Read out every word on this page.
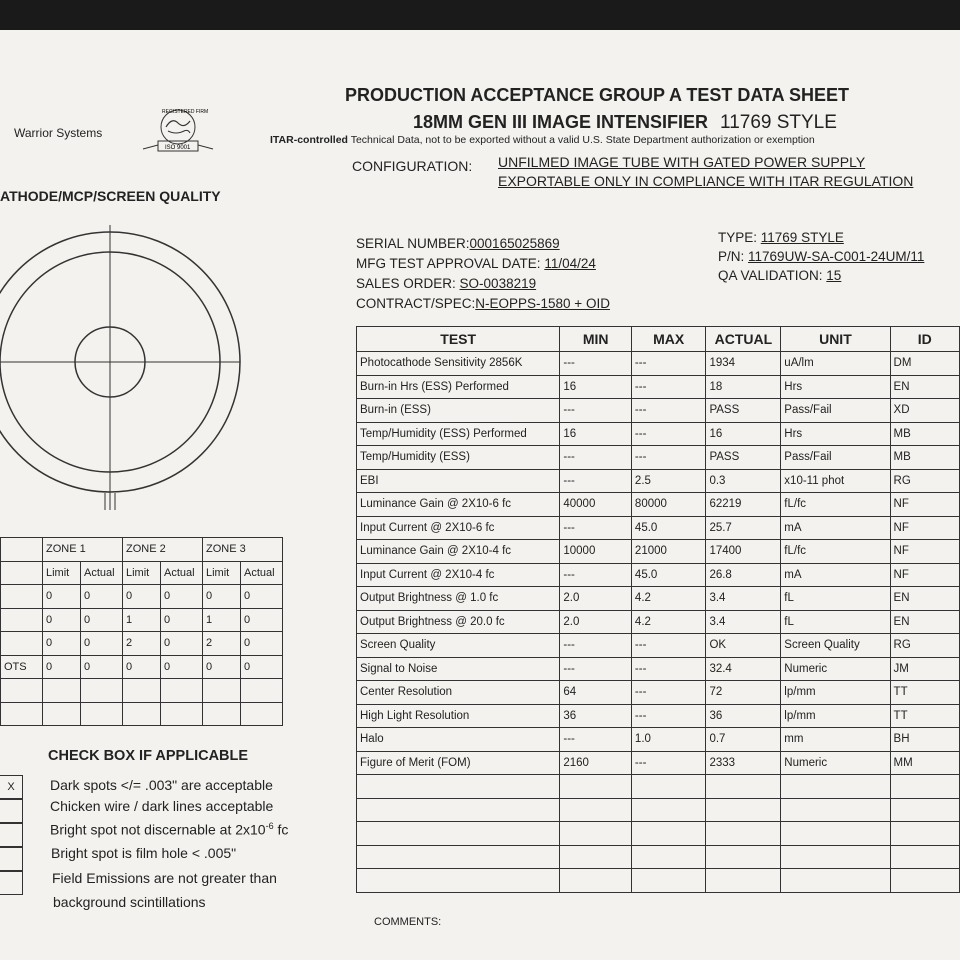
Warrior Systems
ISO 9001
REGISTERED FIRM
PRODUCTION ACCEPTANCE GROUP A TEST DATA SHEET
18MM GEN III IMAGE INTENSIFIER 11769 STYLE
ITAR-controlled Technical Data, not to be exported without a valid U.S. State Department authorization or exemption
CONFIGURATION: UNFILMED IMAGE TUBE WITH GATED POWER SUPPLY
EXPORTABLE ONLY IN COMPLIANCE WITH ITAR REGULATION
ATHODE/MCP/SCREEN QUALITY
SERIAL NUMBER:000165025869
MFG TEST APPROVAL DATE: 11/04/24
SALES ORDER: SO-0038219
CONTRACT/SPEC:N-EOPPS-1580 + OID
TYPE: 11769 STYLE
P/N: 11769UW-SA-C001-24UM/11
QA VALIDATION: 15
TEST	MIN	MAX	ACTUAL	UNIT	ID
Photocathode Sensitivity 2856K	---	---	1934	uA/lm	DM
Burn-in Hrs (ESS) Performed	16	---	18	Hrs	EN
Burn-in (ESS)	---	---	PASS	Pass/Fail	XD
Temp/Humidity (ESS) Performed	16	---	16	Hrs	MB
Temp/Humidity (ESS)	---	---	PASS	Pass/Fail	MB
EBI	---	2.5	0.3	x10-11 phot	RG
Luminance Gain @ 2X10-6 fc	40000	80000	62219	fL/fc	NF
Input Current @ 2X10-6 fc	---	45.0	25.7	mA	NF
Luminance Gain @ 2X10-4 fc	10000	21000	17400	fL/fc	NF
Input Current @ 2X10-4 fc	---	45.0	26.8	mA	NF
Output Brightness @ 1.0 fc	2.0	4.2	3.4	fL	EN
Output Brightness @ 20.0 fc	2.0	4.2	3.4	fL	EN
Screen Quality	---	---	OK	Screen Quality	RG
Signal to Noise	---	---	32.4	Numeric	JM
Center Resolution	64	---	72	lp/mm	TT
High Light Resolution	36	---	36	lp/mm	TT
Halo	---	1.0	0.7	mm	BH
Figure of Merit (FOM)	2160	---	2333	Numeric	MM

COMMENTS:
	ZONE 1		ZONE 2		ZONE 3	
	Limit	Actual	Limit	Actual	Limit	Actual
	0	0	0	0	0	0
	0	0	1	0	1	0
	0	0	2	0	2	0
OTS	0	0	0	0	0	0

CHECK BOX IF APPLICABLE
X	Dark spots </= .003" are acceptable
Chicken wire / dark lines acceptable
Bright spot not discernable at $2x10^{-6}$ fc
Bright spot is film hole < .005"
Field Emissions are not greater than
background scintillations
